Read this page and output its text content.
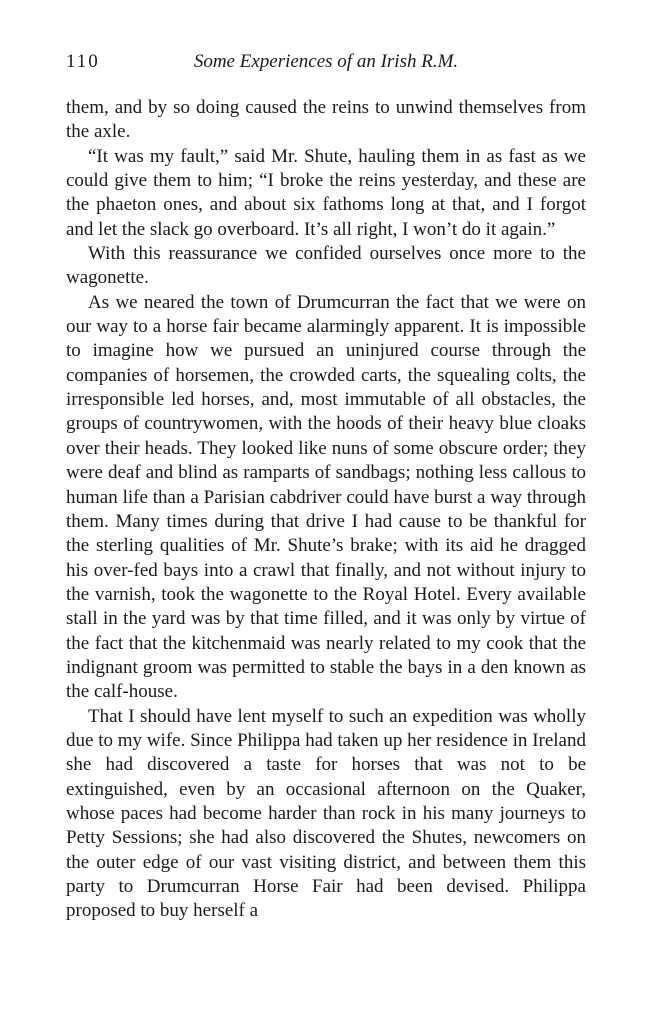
110	Some Experiences of an Irish R.M.

them, and by so doing caused the reins to unwind themselves from the axle.

“It was my fault,” said Mr. Shute, hauling them in as fast as we could give them to him; “I broke the reins yesterday, and these are the phaeton ones, and about six fathoms long at that, and I forgot and let the slack go overboard. It’s all right, I won’t do it again.”

With this reassurance we confided ourselves once more to the wagonette.

As we neared the town of Drumcurran the fact that we were on our way to a horse fair became alarmingly apparent. It is impossible to imagine how we pursued an uninjured course through the companies of horsemen, the crowded carts, the squealing colts, the irresponsible led horses, and, most immutable of all obstacles, the groups of countrywomen, with the hoods of their heavy blue cloaks over their heads. They looked like nuns of some obscure order; they were deaf and blind as ramparts of sandbags; nothing less callous to human life than a Parisian cabdriver could have burst a way through them. Many times during that drive I had cause to be thankful for the sterling qualities of Mr. Shute’s brake; with its aid he dragged his over-fed bays into a crawl that finally, and not without injury to the varnish, took the wagonette to the Royal Hotel. Every available stall in the yard was by that time filled, and it was only by virtue of the fact that the kitchenmaid was nearly related to my cook that the indignant groom was permitted to stable the bays in a den known as the calf-house.

That I should have lent myself to such an expedition was wholly due to my wife. Since Philippa had taken up her residence in Ireland she had discovered a taste for horses that was not to be extinguished, even by an occasional afternoon on the Quaker, whose paces had become harder than rock in his many journeys to Petty Sessions; she had also discovered the Shutes, newcomers on the outer edge of our vast visiting district, and between them this party to Drumcurran Horse Fair had been devised. Philippa proposed to buy herself a
